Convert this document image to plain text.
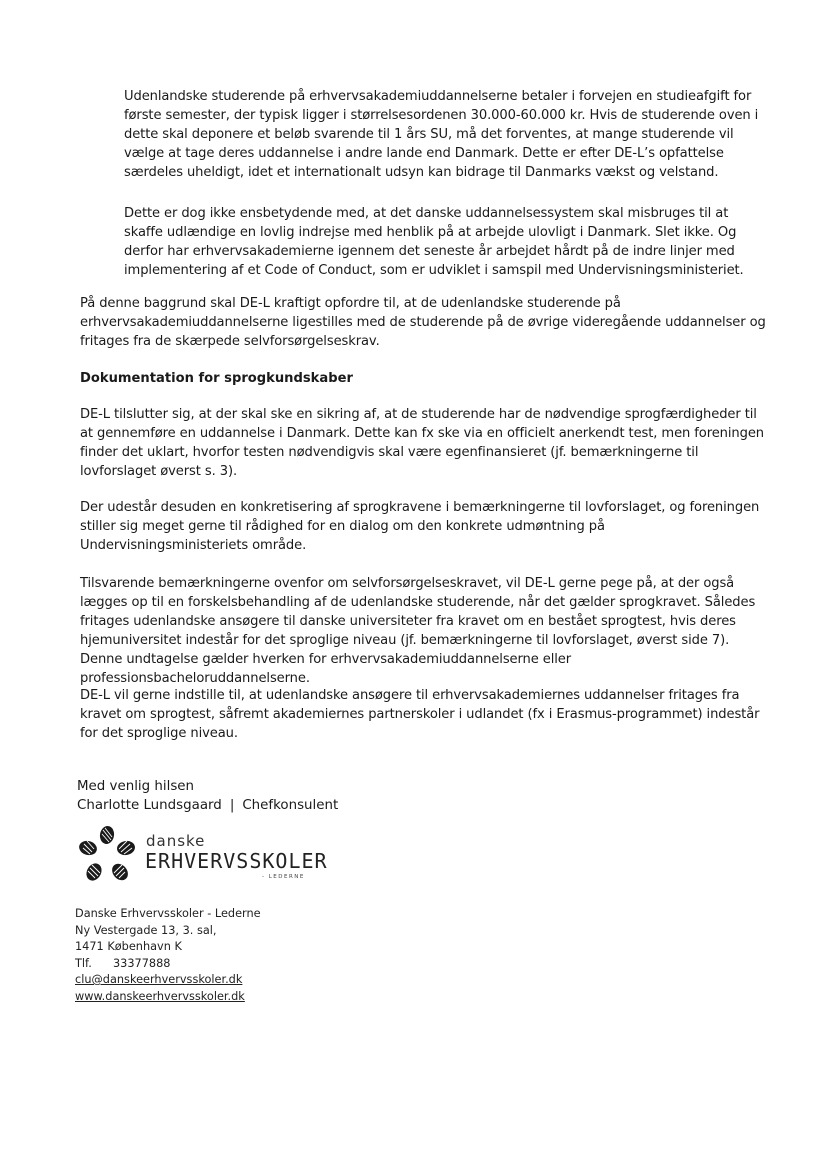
Udenlandske studerende på erhvervsakademiuddannelserne betaler i forvejen en studieafgift for første semester, der typisk ligger i størrelsesordenen 30.000-60.000 kr. Hvis de studerende oven i dette skal deponere et beløb svarende til 1 års SU, må det forventes, at mange studerende vil vælge at tage deres uddannelse i andre lande end Danmark. Dette er efter DE-L’s opfattelse særdeles uheldigt, idet et internationalt udsyn kan bidrage til Danmarks vækst og velstand.

Dette er dog ikke ensbetydende med, at det danske uddannelsessystem skal misbruges til at skaffe udlændige en lovlig indrejse med henblik på at arbejde ulovligt i Danmark. Slet ikke. Og derfor har erhvervsakademierne igennem det seneste år arbejdet hårdt på de indre linjer med implementering af et Code of Conduct, som er udviklet i samspil med Undervisningsministeriet.

På denne baggrund skal DE-L kraftigt opfordre til, at de udenlandske studerende på erhvervsakademiuddannelserne ligestilles med de studerende på de øvrige videregående uddannelser og fritages fra de skærpede selvforsørgelseskrav.

Dokumentation for sprogkundskaber

DE-L tilslutter sig, at der skal ske en sikring af, at de studerende har de nødvendige sprogfærdigheder til at gennemføre en uddannelse i Danmark. Dette kan fx ske via en officielt anerkendt test, men foreningen finder det uklart, hvorfor testen nødvendigvis skal være egenfinansieret (jf. bemærkningerne til lovforslaget øverst s. 3).

Der udestår desuden en konkretisering af sprogkravene i bemærkningerne til lovforslaget, og foreningen stiller sig meget gerne til rådighed for en dialog om den konkrete udmøntning på Undervisningsministeriets område.

Tilsvarende bemærkningerne ovenfor om selvforsørgelseskravet, vil DE-L gerne pege på, at der også lægges op til en forskelsbehandling af de udenlandske studerende, når det gælder sprogkravet. Således fritages udenlandske ansøgere til danske universiteter fra kravet om en bestået sprogtest, hvis deres hjemuniversitet indestår for det sproglige niveau (jf. bemærkningerne til lovforslaget, øverst side 7). Denne undtagelse gælder hverken for erhvervsakademiuddannelserne eller professionsbacheloruddannelserne.

DE-L vil gerne indstille til, at udenlandske ansøgere til erhvervsakademiernes uddannelser fritages fra kravet om sprogtest, såfremt akademiernes partnerskoler i udlandet (fx i Erasmus-programmet) indestår for det sproglige niveau.

Med venlig hilsen
Charlotte Lundsgaard | Chefkonsulent
danske
ERHVERVSSKOLER
- LEDERNE
Danske Erhvervsskoler - Lederne
Ny Vestergade 13, 3. sal,
1471 København K
Tlf. 33377888
clu@danskeerhvervsskoler.dk
www.danskeerhvervsskoler.dk
